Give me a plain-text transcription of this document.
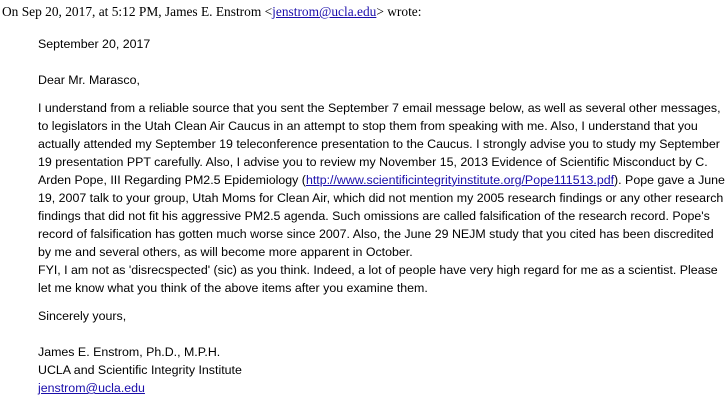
On Sep 20, 2017, at 5:12 PM, James E. Enstrom <jenstrom@ucla.edu> wrote:
September 20, 2017
Dear Mr. Marasco,

I understand from a reliable source that you sent the September 7 email message below, as well as several other messages, to legislators in the Utah Clean Air Caucus in an attempt to stop them from speaking with me. Also, I understand that you actually attended my September 19 teleconference presentation to the Caucus. I strongly advise you to study my September 19 presentation PPT carefully. Also, I advise you to review my November 15, 2013 Evidence of Scientific Misconduct by C. Arden Pope, III Regarding PM2.5 Epidemiology (http://www.scientificintegrityinstitute.org/Pope111513.pdf). Pope gave a June 19, 2007 talk to your group, Utah Moms for Clean Air, which did not mention my 2005 research findings or any other research findings that did not fit his aggressive PM2.5 agenda. Such omissions are called falsification of the research record. Pope's record of falsification has gotten much worse since 2007. Also, the June 29 NEJM study that you cited has been discredited by me and several others, as will become more apparent in October.

FYI, I am not as 'disrecspected' (sic) as you think. Indeed, a lot of people have very high regard for me as a scientist. Please let me know what you think of the above items after you examine them.

Sincerely yours,
James E. Enstrom, Ph.D., M.P.H.
UCLA and Scientific Integrity Institute
jenstrom@ucla.edu
